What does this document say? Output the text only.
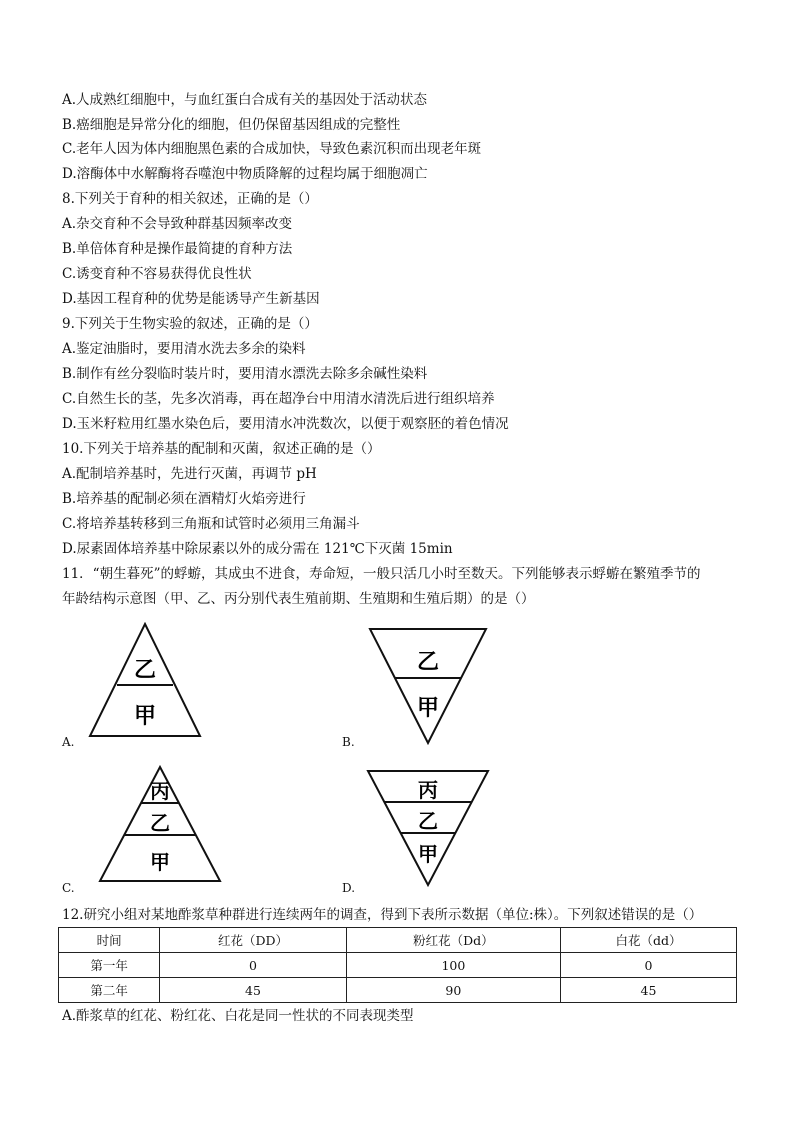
A.人成熟红细胞中，与血红蛋白合成有关的基因处于活动状态
B.癌细胞是异常分化的细胞，但仍保留基因组成的完整性
C.老年人因为体内细胞黑色素的合成加快，导致色素沉积而出现老年斑
D.溶酶体中水解酶将吞噬泡中物质降解的过程均属于细胞凋亡
8.下列关于育种的相关叙述，正确的是（）
A.杂交育种不会导致种群基因频率改变
B.单倍体育种是操作最简捷的育种方法
C.诱变育种不容易获得优良性状
D.基因工程育种的优势是能诱导产生新基因
9.下列关于生物实验的叙述，正确的是（）
A.鉴定油脂时，要用清水洗去多余的染料
B.制作有丝分裂临时装片时，要用清水漂洗去除多余碱性染料
C.自然生长的茎，先多次消毒，再在超净台中用清水清洗后进行组织培养
D.玉米籽粒用红墨水染色后，要用清水冲洗数次，以便于观察胚的着色情况
10.下列关于培养基的配制和灭菌，叙述正确的是（）
A.配制培养基时，先进行灭菌，再调节 pH
B.培养基的配制必须在酒精灯火焰旁进行
C.将培养基转移到三角瓶和试管时必须用三角漏斗
D.尿素固体培养基中除尿素以外的成分需在 121℃下灭菌 15min
11．“朝生暮死”的蜉蝣，其成虫不进食，寿命短，一般只活几小时至数天。下列能够表示蜉蝣在繁殖季节的
年龄结构示意图（甲、乙、丙分别代表生殖前期、生殖期和生殖后期）的是（）
乙
甲
A.
乙
甲
B.
丙
乙
甲
C.
丙
乙
甲
D.
12.研究小组对某地酢浆草种群进行连续两年的调查，得到下表所示数据（单位:株）。下列叙述错误的是（）
时间	红花（DD）	粉红花（Dd）	白花（dd）
第一年	0	100	0
第二年	45	90	45
A.酢浆草的红花、粉红花、白花是同一性状的不同表现类型
